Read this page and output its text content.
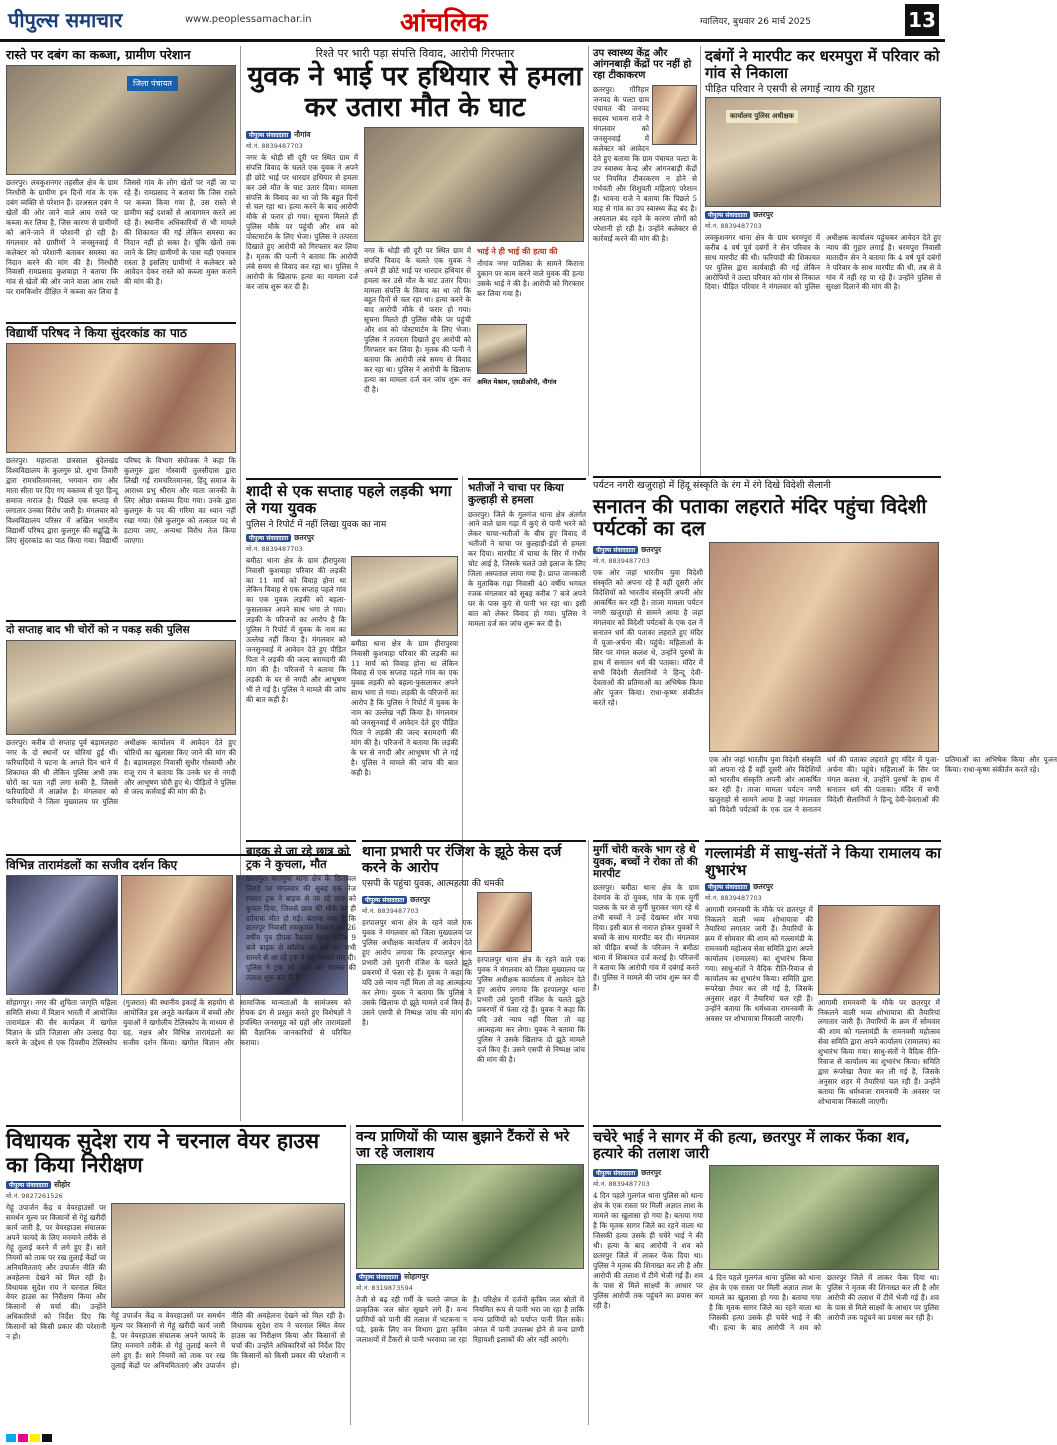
पीपुल्स समाचार	www.peoplessamachar.in	आंचलिक	ग्वालियर, बुधवार 26 मार्च 2025	13
रास्ते पर दबंग का कब्जा, ग्रामीण परेशान
जिला पंचायत
छतरपुर। लवकुशनगर तहसील क्षेत्र के ग्राम निरधीरी के ग्रामीण इन दिनों गांव के एक दबंग व्यक्ति से परेशान हैं। दरअसल दबंग ने खेतों की ओर जाने वाले आम रास्ते पर कब्जा कर लिया है, जिस कारण से ग्रामीणों को आने-जाने में परेशानी हो रही है। मंगलवार को ग्रामीणों ने जनसुनवाई में कलेक्टर को परेशानी बताकर समस्या का निदान करने की मांग की है। निरधीरी निवासी रामप्रसाद कुशवाहा ने बताया कि गांव से खेतों की ओर जाने वाला आम रास्ते पर रामकिशोर दीक्षित ने कब्जा कर लिया है जिससे गांव के लोग खेतों पर नहीं जा पा रहे हैं। रामप्रसाद ने बताया कि जिस रास्ते पर कब्जा किया गया है, उस रास्ते से ग्रामीण कई दशकों से आवागमन करते आ रहे हैं। स्थानीय अधिकारियों से भी मामले की शिकायत की गई लेकिन समस्या का निदान नहीं हो सका है। चूंकि खेतों तक जाने के लिए ग्रामीणों के पास यही एकमात्र रास्ता है इसलिए ग्रामीणों ने कलेक्टर को आवेदन देकर रास्ते को कब्जा मुक्त कराने की मांग की है।
विद्यार्थी परिषद ने किया सुंदरकांड का पाठ
छतरपुर। महाराजा छत्रसाल बुंदेलखंड विश्वविद्यालय के कुलगुरु प्रो. शुभा तिवारी द्वारा रामचरितमानस, भगवान राम और माता सीता पर दिए गए वक्तव्य से पूरा हिन्दू समाज नाराज है। पिछले एक सप्ताह से लगातार उनका विरोध जारी है। मंगलवार को विश्वविद्यालय परिसर में अखिल भारतीय विद्यार्थी परिषद द्वारा कुलगुरु की सद्बुद्धि के लिए सुंदरकांड का पाठ किया गया। विद्यार्थी परिषद के विभाग संयोजक ने कहा कि कुलगुरु द्वारा गोस्वामी तुलसीदास द्वारा लिखी गई रामचरितमानस, हिंदू समाज के आराध्य प्रभु श्रीराम और माता जानकी के लिए ओछा वक्तव्य दिया गया। उनके द्वारा कुलगुरु के पद की गरिमा का ध्यान नहीं रखा गया। ऐसे कुलगुरु को तत्काल पद से हटाया जाए, अन्यथा विरोध तेज किया जाएगा।
दो सप्ताह बाद भी चोरों को न पकड़ सकी पुलिस
छतरपुर। करीब दो सप्ताह पूर्व बड़ामलहरा नगर के दो स्थानों पर चोरियां हुईं थीं। फरियादियों ने घटना के अगले दिन थाने में शिकायत की थी लेकिन पुलिस अभी तक चोरों का पता नहीं लगा सकी है, जिससे फरियादियों में आक्रोश है। मंगलवार को फरियादियों ने जिला मुख्यालय पर पुलिस अधीक्षक कार्यालय में आवेदन देते हुए चोरियों का खुलासा किए जाने की मांग की है। बड़ामलहरा निवासी सुधीर गोस्वामी और राजू राय ने बताया कि उनके घर से नगदी और आभूषण चोरी हुए थे। पीड़ितों ने पुलिस से जल्द कार्रवाई की मांग की है।
विभिन्न तारामंडलों का सजीव दर्शन किए
सोहागपुर। नगर की शुचिता जागृति महिला समिति संध्या में विज्ञान भारती में आयोजित तारामंडल की सैर कार्यक्रम में खगोल विज्ञान के प्रति जिज्ञासा और उत्साह पैदा करने के उद्देश्य से एक दिवसीय टेलिस्कोप (गुजरात) की स्थानीय इकाई के सहयोग से आयोजित इस अनूठे कार्यक्रम में बच्चों और युवाओं ने खगोलीय टेलिस्कोप के माध्यम से ग्रह, नक्षत्र और विभिन्न तारामंडलों का सजीव दर्शन किया। खगोल विज्ञान और सामाजिक मान्यताओं के सामंजस्य को रोचक ढंग से प्रस्तुत करते हुए विशेषज्ञों ने उपस्थित जनसमूह को ग्रहों और तारामंडलों की वैज्ञानिक जानकारियों से परिचित कराया।
रिश्ते पर भारी पड़ा संपत्ति विवाद, आरोपी गिरफ्तार
युवक ने भाई पर हथियार से हमला कर उतारा मौत के घाट
पीपुल्स संवाददाता नौगांव
मो.नं. 8839487703
नगर के थोड़ी सी दूरी पर स्थित ग्राम में संपत्ति विवाद के चलते एक युवक ने अपने ही छोटे भाई पर धारदार हथियार से हमला कर उसे मौत के घाट उतार दिया। मामला संपत्ति के विवाद का था जो कि बहुत दिनों से चल रहा था। हत्या करने के बाद आरोपी मौके से फरार हो गया। सूचना मिलते ही पुलिस मौके पर पहुंची और शव को पोस्टमार्टम के लिए भेजा। पुलिस ने तत्परता दिखाते हुए आरोपी को गिरफ्तार कर लिया है। मृतक की पत्नी ने बताया कि आरोपी लंबे समय से विवाद कर रहा था। पुलिस ने आरोपी के खिलाफ हत्या का मामला दर्ज कर जांच शुरू कर दी है।
नगर के थोड़ी सी दूरी पर स्थित ग्राम में संपत्ति विवाद के चलते एक युवक ने अपने ही छोटे भाई पर धारदार हथियार से हमला कर उसे मौत के घाट उतार दिया। मामला संपत्ति के विवाद का था जो कि बहुत दिनों से चल रहा था। हत्या करने के बाद आरोपी मौके से फरार हो गया। सूचना मिलते ही पुलिस मौके पर पहुंची और शव को पोस्टमार्टम के लिए भेजा। पुलिस ने तत्परता दिखाते हुए आरोपी को गिरफ्तार कर लिया है। मृतक की पत्नी ने बताया कि आरोपी लंबे समय से विवाद कर रहा था। पुलिस ने आरोपी के खिलाफ हत्या का मामला दर्ज कर जांच शुरू कर दी है।
भाई ने ही भाई की हत्या की
नौगांव नगर पालिका के सामने किराना दुकान पर काम करने वाले युवक की हत्या उसके भाई ने की है। आरोपी को गिरफ्तार कर लिया गया है।
अमित मेश्राम, एसडीओपी, नौगांव
उप स्वास्थ्य केंद्र और आंगनबाड़ी केंद्रों पर नहीं हो रहा टीकाकरण
छतरपुर। गौरिहार जनपद के पल्टा ग्राम पंचायत की जनपद सदस्य भावना राजे ने मंगलवार को जनसुनवाई में कलेक्टर को आवेदन देते हुए बताया कि ग्राम पंचायत पल्टा के उप स्वास्थ्य केन्द्र और आंगनबाड़ी केंद्रों पर नियमित टीकाकरण न होने से गर्भवती और शिशुवती महिलाएं परेशान हैं। भावना राजे ने बताया कि पिछले 5 माह से गांव का उप स्वास्थ्य केंद्र बंद है। अस्पताल बंद रहने के कारण लोगों को परेशानी हो रही है। उन्होंने कलेक्टर से कार्रवाई करने की मांग की है।
दबंगों ने मारपीट कर धरमपुरा में परिवार को गांव से निकाला
पीड़ित परिवार ने एसपी से लगाई न्याय की गुहार
कार्यालय पुलिस अधीक्षक
पीपुल्स संवाददाता छतरपुर
मो.नं. 8839487703
लवकुशनगर थाना क्षेत्र के ग्राम धरमपुरा में करीब 4 वर्ष पूर्व दबंगों ने सेन परिवार के साथ मारपीट की थी। फरियादी की शिकायत पर पुलिस द्वारा कार्यवाही की गई लेकिन आरोपियों ने उल्टा परिवार को गांव से निकाल दिया। पीड़ित परिवार ने मंगलवार को पुलिस अधीक्षक कार्यालय पहुंचकर आवेदन देते हुए न्याय की गुहार लगाई है। धरमपुरा निवासी मातादीन सेन ने बताया कि 4 वर्ष पूर्व दबंगों ने परिवार के साथ मारपीट की थी, तब से वे गांव में नहीं रह पा रहे हैं। उन्होंने पुलिस से सुरक्षा दिलाने की मांग की है।
शादी से एक सप्ताह पहले लड़की भगा ले गया युवक
पुलिस ने रिपोर्ट में नहीं लिखा युवक का नाम
पीपुल्स संवाददाता छतरपुर
मो.नं. 8839487703
बमीठा थाना क्षेत्र के ग्राम हीरापुरवा निवासी कुशवाहा परिवार की लड़की का 11 मार्च को विवाह होना था लेकिन विवाह से एक सप्ताह पहले गांव का एक युवक लड़की को बहला-फुसलाकर अपने साथ भगा ले गया। लड़की के परिजनों का आरोप है कि पुलिस ने रिपोर्ट में युवक के नाम का उल्लेख नहीं किया है। मंगलवार को जनसुनवाई में आवेदन देते हुए पीड़ित पिता ने लड़की की जल्द बरामदगी की मांग की है। परिजनों ने बताया कि लड़की के घर से नगदी और आभूषण भी ले गई है। पुलिस ने मामले की जांच की बात कही है।
बमीठा थाना क्षेत्र के ग्राम हीरापुरवा निवासी कुशवाहा परिवार की लड़की का 11 मार्च को विवाह होना था लेकिन विवाह से एक सप्ताह पहले गांव का एक युवक लड़की को बहला-फुसलाकर अपने साथ भगा ले गया। लड़की के परिजनों का आरोप है कि पुलिस ने रिपोर्ट में युवक के नाम का उल्लेख नहीं किया है। मंगलवार को जनसुनवाई में आवेदन देते हुए पीड़ित पिता ने लड़की की जल्द बरामदगी की मांग की है। परिजनों ने बताया कि लड़की के घर से नगदी और आभूषण भी ले गई है। पुलिस ने मामले की जांच की बात कही है।
भतीजों ने चाचा पर किया कुल्हाड़ी से हमला
छतरपुर। जिले के गुलगंज थाना क्षेत्र अंतर्गत आने वाले ग्राम गढ़ा में कुएं से पानी भरने को लेकर चाचा-भतीजों के बीच हुए विवाद में भतीजों ने चाचा पर कुल्हाड़ी-डंडों से हमला कर दिया। मारपीट में चाचा के सिर में गंभीर चोट आई है, जिसके चलते उसे इलाज के लिए जिला अस्पताल लाया गया है। प्राप्त जानकारी के मुताबिक गढ़ा निवासी 40 वर्षीय भगवत रजक मंगलवार को सुबह करीब 7 बजे अपने घर के पास कुएं से पानी भर रहा था। इसी बात को लेकर विवाद हो गया। पुलिस ने मामला दर्ज कर जांच शुरू कर दी है।
बाइक से जा रहे छात्र को ट्रक ने कुचला, मौत
छतरपुर। मातगुवां थाना क्षेत्र के छितावल तिराहे पर मंगलवार की सुबह एक तेज रफ्तार ट्रक ने बाइक से जा रहे छात्र को कुचल दिया, जिससे छात्र की मौके पर ही दर्दनाक मौत हो गई। बताया गया है कि छतरपुर निवासी रामकुमार रैकवार का 26 वर्षीय पुत्र दीपक रैकवार सुबह करीब 9 बजे बाइक से कॉलेज जा रहा था, तभी सामने से आ रहे ट्रक ने उसे टक्कर मार दी। पुलिस ने ट्रक को जब्त कर चालक की तलाश शुरू कर दी है।
थाना प्रभारी पर रंजिश के झूठे केस दर्ज करने के आरोप
एसपी के पहुंचा युवक, आत्महत्या की धमकी
पीपुल्स संवाददाता छतरपुर
मो.नं. 8839487703
हरपालपुर थाना क्षेत्र के रहने वाले एक युवक ने मंगलवार को जिला मुख्यालय पर पुलिस अधीक्षक कार्यालय में आवेदन देते हुए आरोप लगाया कि हरपालपुर थाना प्रभारी उसे पुरानी रंजिश के चलते झूठे प्रकरणों में फंसा रहे हैं। युवक ने कहा कि यदि उसे न्याय नहीं मिला तो वह आत्महत्या कर लेगा। युवक ने बताया कि पुलिस ने उसके खिलाफ दो झूठे मामले दर्ज किए हैं। उसने एसपी से निष्पक्ष जांच की मांग की है।
हरपालपुर थाना क्षेत्र के रहने वाले एक युवक ने मंगलवार को जिला मुख्यालय पर पुलिस अधीक्षक कार्यालय में आवेदन देते हुए आरोप लगाया कि हरपालपुर थाना प्रभारी उसे पुरानी रंजिश के चलते झूठे प्रकरणों में फंसा रहे हैं। युवक ने कहा कि यदि उसे न्याय नहीं मिला तो वह आत्महत्या कर लेगा। युवक ने बताया कि पुलिस ने उसके खिलाफ दो झूठे मामले दर्ज किए हैं। उसने एसपी से निष्पक्ष जांच की मांग की है।
मुर्गी चोरी करके भाग रहे थे युवक, बच्चों ने रोका तो की मारपीट
छतरपुर। बमीठा थाना क्षेत्र के ग्राम देवगांव के दो युवक, गांव के एक मुर्गी पालक के घर से मुर्गी चुराकर भाग रहे थे तभी बच्चों ने उन्हें देखकर शोर मचा दिया। इसी बात से नाराज होकर युवकों ने बच्चों के साथ मारपीट कर दी। मंगलवार को पीड़ित बच्चों के परिजन ने बमीठा थाना में शिकायत दर्ज कराई है। परिजनों ने बताया कि आरोपी गांव में दबंगई करते हैं। पुलिस ने मामले की जांच शुरू कर दी है।
पर्यटन नगरी खजुराहो में हिंदू संस्कृति के रंग में रंगे दिखे विदेशी सैलानी
सनातन की पताका लहराते मंदिर पहुंचा विदेशी पर्यटकों का दल
पीपुल्स संवाददाता छतरपुर
मो.नं. 8839487703
एक ओर जहां भारतीय युवा विदेशी संस्कृति को अपना रहे हैं वहीं दूसरी ओर विदेशियों को भारतीय संस्कृति अपनी ओर आकर्षित कर रही है। ताजा मामला पर्यटन नगरी खजुराहो से सामने आया है जहां मंगलवार को विदेशी पर्यटकों के एक दल ने सनातन धर्म की पताका लहराते हुए मंदिर में पूजा-अर्चना की। पहुंचे। महिलाओं के सिर पर मंगल कलश थे, उन्होंने पुरुषों के हाथ में सनातन धर्म की पताका। मंदिर में सभी विदेशी सैलानियों ने हिन्दू देवी-देवताओं की प्रतिमाओं का अभिषेक किया और पूजन किया। राधा-कृष्ण संकीर्तन करते रहे।
एक ओर जहां भारतीय युवा विदेशी संस्कृति को अपना रहे हैं वहीं दूसरी ओर विदेशियों को भारतीय संस्कृति अपनी ओर आकर्षित कर रही है। ताजा मामला पर्यटन नगरी खजुराहो से सामने आया है जहां मंगलवार को विदेशी पर्यटकों के एक दल ने सनातन धर्म की पताका लहराते हुए मंदिर में पूजा-अर्चना की। पहुंचे। महिलाओं के सिर पर मंगल कलश थे, उन्होंने पुरुषों के हाथ में सनातन धर्म की पताका। मंदिर में सभी विदेशी सैलानियों ने हिन्दू देवी-देवताओं की प्रतिमाओं का अभिषेक किया और पूजन किया। राधा-कृष्ण संकीर्तन करते रहे।
गल्लामंडी में साधु-संतों ने किया रामालय का शुभारंभ
पीपुल्स संवाददाता छतरपुर
मो.नं. 8839487703
आगामी रामनवमी के मौके पर छतरपुर में निकलने वाली भव्य शोभायात्रा की तैयारियां लगातार जारी हैं। तैयारियों के क्रम में सोमवार की शाम को गल्लामंडी के रामनवमी महोत्सव सेवा समिति द्वारा अपने कार्यालय (रामालय) का शुभारंभ किया गया। साधु-संतों ने वैदिक रीति-रिवाज से कार्यालय का शुभारंभ किया। समिति द्वारा रूपरेखा तैयार कर ली गई है, जिसके अनुसार शहर में तैयारियां चल रही हैं। उन्होंने बताया कि धर्मध्वजा रामनवमी के अवसर पर शोभायात्रा निकाली जाएगी।
आगामी रामनवमी के मौके पर छतरपुर में निकलने वाली भव्य शोभायात्रा की तैयारियां लगातार जारी हैं। तैयारियों के क्रम में सोमवार की शाम को गल्लामंडी के रामनवमी महोत्सव सेवा समिति द्वारा अपने कार्यालय (रामालय) का शुभारंभ किया गया। साधु-संतों ने वैदिक रीति-रिवाज से कार्यालय का शुभारंभ किया। समिति द्वारा रूपरेखा तैयार कर ली गई है, जिसके अनुसार शहर में तैयारियां चल रही हैं। उन्होंने बताया कि धर्मध्वजा रामनवमी के अवसर पर शोभायात्रा निकाली जाएगी।
विधायक सुदेश राय ने चरनाल वेयर हाउस का किया निरीक्षण
पीपुल्स संवाददाता सीहोर
मो.नं. 9827261526
गेहूं उपार्जन केंद्र व वेयरहाउसों पर समर्थन मूल्य पर किसानों से गेहूं खरीदी कार्य जारी है, पर वेयरहाउस संचालक अपने फायदे के लिए मनमाने तरीके से गेहूं तुलाई करने में लगे हुए हैं। सारे नियमों को ताक पर रख तुलाई केंद्रों पर अनियमितताएं और उपार्जन नीति की अवहेलना देखने को मिल रही है। विधायक सुदेश राय ने चरनाल स्थित वेयर हाउस का निरीक्षण किया और किसानों से चर्चा की। उन्होंने अधिकारियों को निर्देश दिए कि किसानों को किसी प्रकार की परेशानी न हो।
गेहूं उपार्जन केंद्र व वेयरहाउसों पर समर्थन मूल्य पर किसानों से गेहूं खरीदी कार्य जारी है, पर वेयरहाउस संचालक अपने फायदे के लिए मनमाने तरीके से गेहूं तुलाई करने में लगे हुए हैं। सारे नियमों को ताक पर रख तुलाई केंद्रों पर अनियमितताएं और उपार्जन नीति की अवहेलना देखने को मिल रही है। विधायक सुदेश राय ने चरनाल स्थित वेयर हाउस का निरीक्षण किया और किसानों से चर्चा की। उन्होंने अधिकारियों को निर्देश दिए कि किसानों को किसी प्रकार की परेशानी न हो।
वन्य प्राणियों की प्यास बुझाने टैंकरों से भरे जा रहे जलाशय
पीपुल्स संवाददाता सोहागपुर
मो.नं. 8319873594
तेजी से बढ़ रही गर्मी के चलते जंगल के प्राकृतिक जल स्रोत सूखने लगे हैं। वन्य प्राणियों को पानी की तलाश में भटकना न पड़े, इसके लिए वन विभाग द्वारा कृत्रिम जलाशयों में टैंकरों से पानी भरवाया जा रहा है। परिक्षेत्र में दर्जनों कृत्रिम जल स्रोतों में नियमित रूप से पानी भरा जा रहा है ताकि वन्य प्राणियों को पर्याप्त पानी मिल सके। जंगल में पानी उपलब्ध होने से वन्य प्राणी रिहायशी इलाकों की ओर नहीं आएंगे।
चचेरे भाई ने सागर में की हत्या, छतरपुर में लाकर फेंका शव, हत्यारे की तलाश जारी
पीपुल्स संवाददाता छतरपुर
मो.नं. 8839487703
4 दिन पहले गुलगंज थाना पुलिस को थाना क्षेत्र के एक रास्ता पर मिली अज्ञात लाश के मामले का खुलासा हो गया है। बताया गया है कि मृतक सागर जिले का रहने वाला था जिसकी हत्या उसके ही चचेरे भाई ने की थी। हत्या के बाद आरोपी ने शव को छतरपुर जिले में लाकर फेंक दिया था। पुलिस ने मृतक की शिनाख्त कर ली है और आरोपी की तलाश में टीमें भेजी गई हैं। शव के पास से मिले साक्ष्यों के आधार पर पुलिस आरोपी तक पहुंचने का प्रयास कर रही है।
4 दिन पहले गुलगंज थाना पुलिस को थाना क्षेत्र के एक रास्ता पर मिली अज्ञात लाश के मामले का खुलासा हो गया है। बताया गया है कि मृतक सागर जिले का रहने वाला था जिसकी हत्या उसके ही चचेरे भाई ने की थी। हत्या के बाद आरोपी ने शव को छतरपुर जिले में लाकर फेंक दिया था। पुलिस ने मृतक की शिनाख्त कर ली है और आरोपी की तलाश में टीमें भेजी गई हैं। शव के पास से मिले साक्ष्यों के आधार पर पुलिस आरोपी तक पहुंचने का प्रयास कर रही है।
